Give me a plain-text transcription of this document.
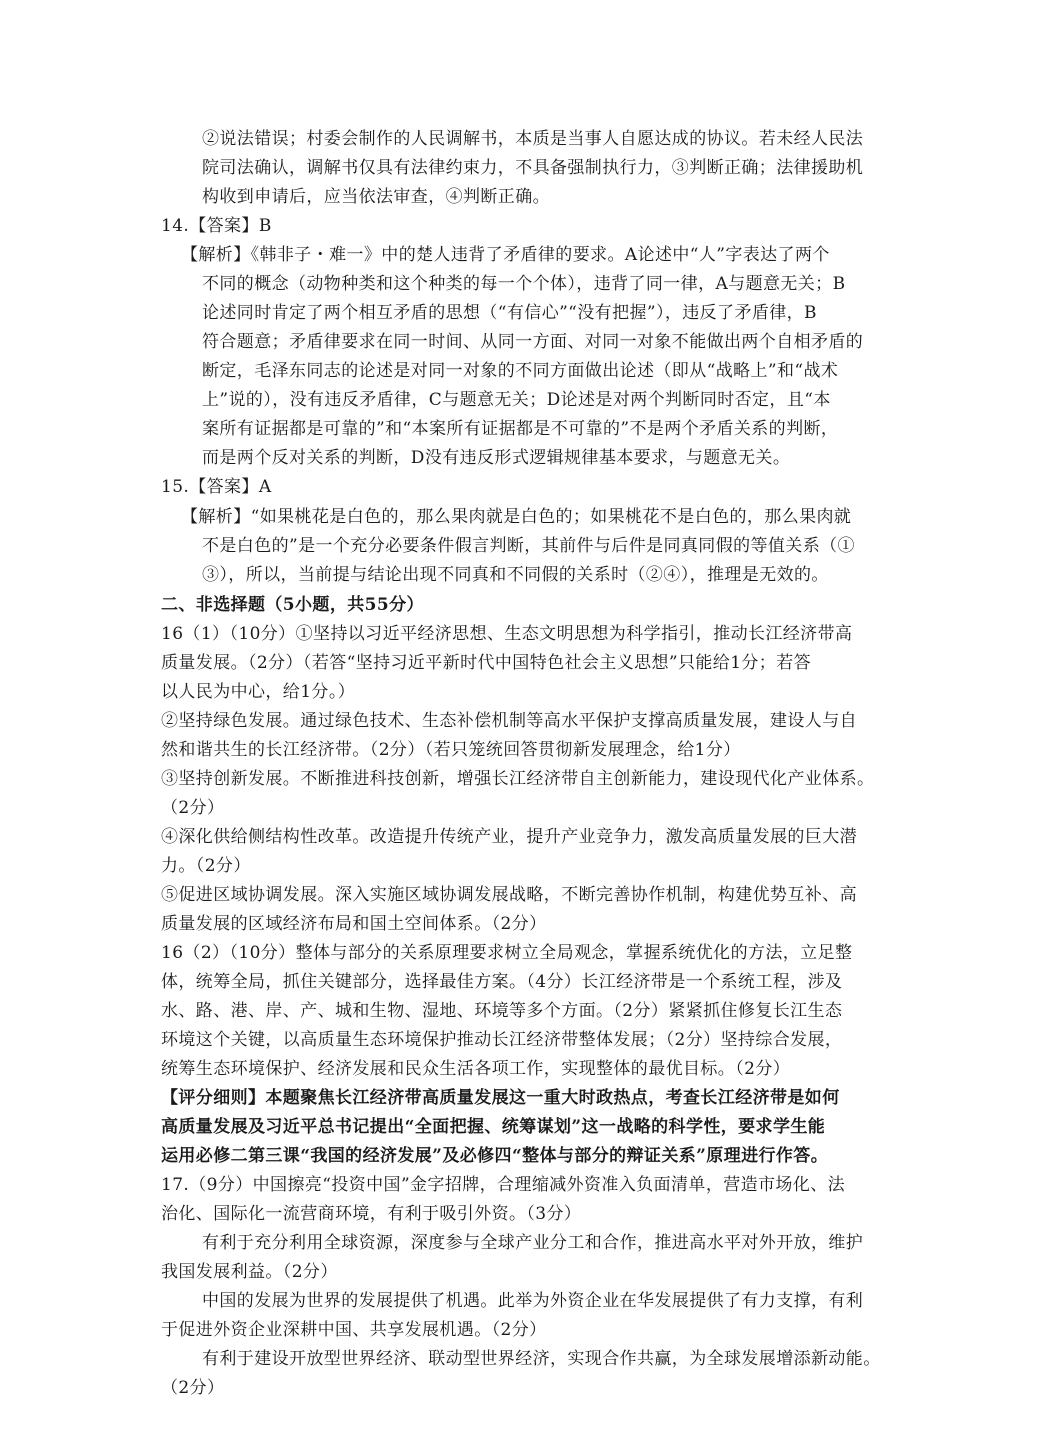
②说法错误；村委会制作的人民调解书，本质是当事人自愿达成的协议。若未经人民法
院司法确认，调解书仅具有法律约束力，不具备强制执行力，③判断正确；法律援助机
构收到申请后，应当依法审查，④判断正确。
14.【答案】B
【解析】《韩非子・难一》中的楚人违背了矛盾律的要求。A论述中“人”字表达了两个
不同的概念（动物种类和这个种类的每一个个体），违背了同一律，A与题意无关；B
论述同时肯定了两个相互矛盾的思想（“有信心”“没有把握”），违反了矛盾律，B
符合题意；矛盾律要求在同一时间、从同一方面、对同一对象不能做出两个自相矛盾的
断定，毛泽东同志的论述是对同一对象的不同方面做出论述（即从“战略上”和“战术
上”说的），没有违反矛盾律，C与题意无关；D论述是对两个判断同时否定，且“本
案所有证据都是可靠的”和“本案所有证据都是不可靠的”不是两个矛盾关系的判断，
而是两个反对关系的判断，D没有违反形式逻辑规律基本要求，与题意无关。
15.【答案】A
【解析】“如果桃花是白色的，那么果肉就是白色的；如果桃花不是白色的，那么果肉就
不是白色的”是一个充分必要条件假言判断，其前件与后件是同真同假的等值关系（①
③），所以，当前提与结论出现不同真和不同假的关系时（②④），推理是无效的。
二、非选择题（5小题，共55分）
16（1）（10分）①坚持以习近平经济思想、生态文明思想为科学指引，推动长江经济带高
质量发展。（2分）（若答“坚持习近平新时代中国特色社会主义思想”只能给1分；若答
以人民为中心，给1分。）
②坚持绿色发展。通过绿色技术、生态补偿机制等高水平保护支撑高质量发展，建设人与自
然和谐共生的长江经济带。（2分）（若只笼统回答贯彻新发展理念，给1分）
③坚持创新发展。不断推进科技创新，增强长江经济带自主创新能力，建设现代化产业体系。
（2分）
④深化供给侧结构性改革。改造提升传统产业，提升产业竞争力，激发高质量发展的巨大潜
力。（2分）
⑤促进区域协调发展。深入实施区域协调发展战略，不断完善协作机制，构建优势互补、高
质量发展的区域经济布局和国土空间体系。（2分）
16（2）（10分）整体与部分的关系原理要求树立全局观念，掌握系统优化的方法，立足整
体，统筹全局，抓住关键部分，选择最佳方案。（4分）长江经济带是一个系统工程，涉及
水、路、港、岸、产、城和生物、湿地、环境等多个方面。（2分）紧紧抓住修复长江生态
环境这个关键，以高质量生态环境保护推动长江经济带整体发展；（2分）坚持综合发展，
统筹生态环境保护、经济发展和民众生活各项工作，实现整体的最优目标。（2分）
【评分细则】本题聚焦长江经济带高质量发展这一重大时政热点，考查长江经济带是如何
高质量发展及习近平总书记提出“全面把握、统筹谋划”这一战略的科学性，要求学生能
运用必修二第三课“我国的经济发展”及必修四“整体与部分的辩证关系”原理进行作答。
17.（9分）中国擦亮“投资中国”金字招牌，合理缩减外资准入负面清单，营造市场化、法
治化、国际化一流营商环境，有利于吸引外资。（3分）
有利于充分利用全球资源，深度参与全球产业分工和合作，推进高水平对外开放，维护
我国发展利益。（2分）
中国的发展为世界的发展提供了机遇。此举为外资企业在华发展提供了有力支撑，有利
于促进外资企业深耕中国、共享发展机遇。（2分）
有利于建设开放型世界经济、联动型世界经济，实现合作共赢，为全球发展增添新动能。
（2分）
